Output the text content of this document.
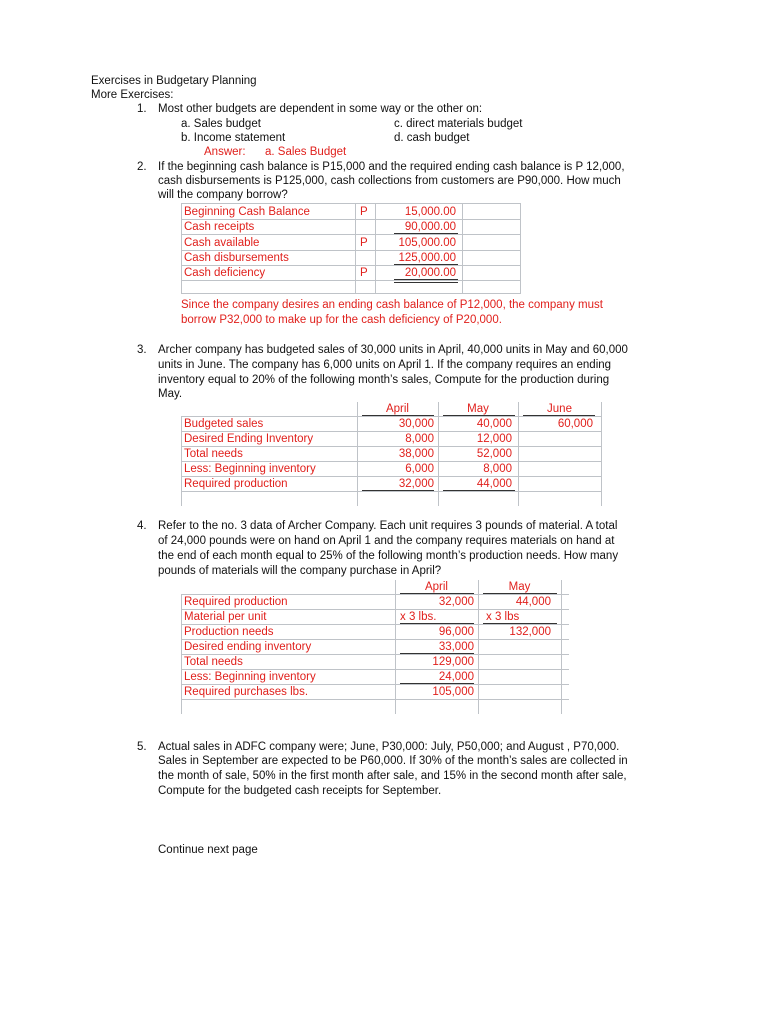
Exercises in Budgetary Planning
More Exercises:
1. Most other budgets are dependent in some way or the other on:
a. Sales budget	c. direct materials budget
b. Income statement	d. cash budget
Answer: a. Sales Budget
2. If the beginning cash balance is P15,000 and the required ending cash balance is P 12,000,
cash disbursements is P125,000, cash collections from customers are P90,000. How much
will the company borrow?
Beginning Cash Balance	P	15,000.00
Cash receipts	90,000.00
Cash available	P	105,000.00
Cash disbursements	125,000.00
Cash deficiency	P	20,000.00
Since the company desires an ending cash balance of P12,000, the company must
borrow P32,000 to make up for the cash deficiency of P20,000.
3. Archer company has budgeted sales of 30,000 units in April, 40,000 units in May and 60,000
units in June. The company has 6,000 units on April 1. If the company requires an ending
inventory equal to 20% of the following month’s sales, Compute for the production during
May.
April	May	June
Budgeted sales	30,000	40,000	60,000
Desired Ending Inventory	8,000	12,000
Total needs	38,000	52,000
Less: Beginning inventory	6,000	8,000
Required production	32,000	44,000
4. Refer to the no. 3 data of Archer Company. Each unit requires 3 pounds of material. A total
of 24,000 pounds were on hand on April 1 and the company requires materials on hand at
the end of each month equal to 25% of the following month’s production needs. How many
pounds of materials will the company purchase in April?
April	May
Required production	32,000	44,000
Material per unit	x 3 lbs.	x 3 lbs
Production needs	96,000	132,000
Desired ending inventory	33,000
Total needs	129,000
Less: Beginning inventory	24,000
Required purchases lbs.	105,000
5. Actual sales in ADFC company were; June, P30,000: July, P50,000; and August , P70,000.
Sales in September are expected to be P60,000. If 30% of the month’s sales are collected in
the month of sale, 50% in the first month after sale, and 15% in the second month after sale,
Compute for the budgeted cash receipts for September.
Continue next page
